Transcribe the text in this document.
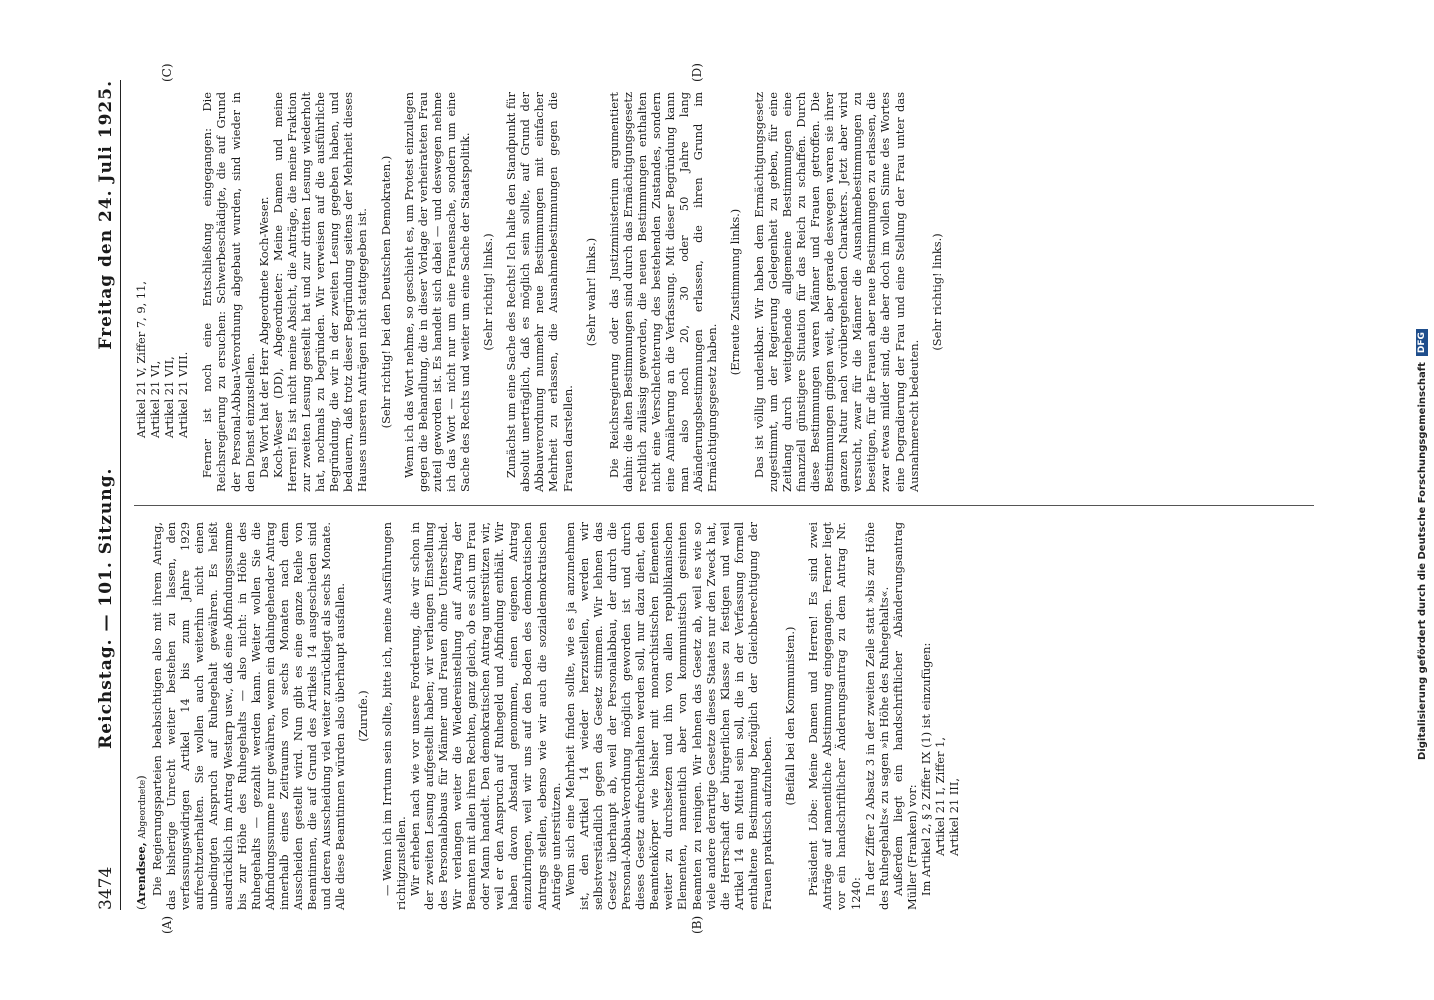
3474
Reichstag. — 101. Sitzung.
Freitag den 24. Juli 1925.
(A)	(B)
(C)	(D)

(Arendsee, Abgeordnete) Die Regierungsparteien beabsichtigen also mit ihrem Antrag, das bisherige Unrecht weiter bestehen zu lassen, den verfassungswidrigen Artikel 14 bis zum Jahre 1929 aufrechtzuerhalten. Sie wollen auch weiterhin nicht einen unbedingten Anspruch auf Ruhegehalt gewähren. Es heißt ausdrücklich im Antrag Westarp usw., daß eine Abfindungssumme bis zur Höhe des Ruhegehalts — also nicht: in Höhe des Ruhegehalts — gezahlt werden kann. Weiter wollen Sie die Abfindungssumme nur gewähren, wenn ein dahingehender Antrag innerhalb eines Zeitraums von sechs Monaten nach dem Ausscheiden gestellt wird. Nun gibt es eine ganze Reihe von Beamtinnen, die auf Grund des Artikels 14 ausgeschieden sind und deren Ausscheidung viel weiter zurückliegt als sechs Monate. Alle diese Beamtinnen würden also überhaupt ausfallen. (Zurufe.) — Wenn ich im Irrtum sein sollte, bitte ich, meine Ausführungen richtigzustellen. Wir erheben nach wie vor unsere Forderung, die wir schon in der zweiten Lesung aufgestellt haben; wir verlangen Einstellung des Personalabbaus für Männer und Frauen ohne Unterschied. Wir verlangen weiter die Wiedereinstellung auf Antrag der Beamten mit allen ihren Rechten, ganz gleich, ob es sich um Frau oder Mann handelt. Den demokratischen Antrag unterstützen wir, weil er den Anspruch auf Ruhegeld und Abfindung enthält. Wir haben davon Abstand genommen, einen eigenen Antrag einzubringen, weil wir uns auf den Boden des demokratischen Antrags stellen, ebenso wie wir auch die sozialdemokratischen Anträge unterstützen. Wenn sich eine Mehrheit finden sollte, wie es ja anzunehmen ist, den Artikel 14 wieder herzustellen, werden wir selbstverständlich gegen das Gesetz stimmen. Wir lehnen das Gesetz überhaupt ab, weil der Personalabbau, der durch die Personal-Abbau-Verordnung möglich geworden ist und durch dieses Gesetz aufrechterhalten werden soll, nur dazu dient, den Beamtenkörper wie bisher mit monarchistischen Elementen weiter zu durchsetzen und ihn von allen republikanischen Elementen, namentlich aber von kommunistisch gesinnten Beamten zu reinigen. Wir lehnen das Gesetz ab, weil es wie so viele andere derartige Gesetze dieses Staates nur den Zweck hat, die Herrschaft der bürgerlichen Klasse zu festigen und weil Artikel 14 ein Mittel sein soll, die in der Verfassung formell enthaltene Bestimmung bezüglich der Gleichberechtigung der Frauen praktisch aufzuheben.

(Beifall bei den Kommunisten.) Präsident Löbe: Meine Damen und Herren! Es sind zwei Anträge auf namentliche Abstimmung eingegangen. Ferner liegt vor ein handschriftlicher Änderungsantrag zu dem Antrag Nr. 1240: In der Ziffer 2 Absatz 3 in der zweiten Zeile statt »bis zur Höhe des Ruhegehalts« zu sagen »in Höhe des Ruhegehalts«. Außerdem liegt ein handschriftlicher Abänderungsantrag Müller (Franken) vor: Im Artikel 2, § 2 Ziffer IX (1) ist einzufügen: Artikel 21 I, Ziffer 1, Artikel 21 III,

Artikel 21 V, Ziffer 7, 9, 11, Artikel 21 VI, Artikel 21 VII, Artikel 21 VIII. Ferner ist noch eine Entschließung eingegangen: Die Reichsregierung zu ersuchen: Schwerbeschädigte, die auf Grund der Personal-Abbau-Verordnung abgebaut wurden, sind wieder in den Dienst einzustellen. Das Wort hat der Herr Abgeordnete Koch-Weser. Koch-Weser (DD), Abgeordneter: Meine Damen und meine Herren! Es ist nicht meine Absicht, die Anträge, die meine Fraktion zur zweiten Lesung gestellt hat und zur dritten Lesung wiederholt hat, nochmals zu begründen. Wir verweisen auf die ausführliche Begründung, die wir in der zweiten Lesung gegeben haben, und bedauern, daß trotz dieser Begründung seitens der Mehrheit dieses Hauses unseren Anträgen nicht stattgegeben ist. (Sehr richtig! bei den Deutschen Demokraten.) Wenn ich das Wort nehme, so geschieht es, um Protest einzulegen gegen die Behandlung, die in dieser Vorlage der verheirateten Frau zuteil geworden ist. Es handelt sich dabei — und deswegen nehme ich das Wort — nicht nur um eine Frauensache, sondern um eine Sache des Rechts und weiter um eine Sache der Staatspolitik. (Sehr richtig! links.) Zunächst um eine Sache des Rechts! Ich halte den Standpunkt für absolut unerträglich, daß es möglich sein sollte, auf Grund der Abbauverordnung nunmehr neue Bestimmungen mit einfacher Mehrheit zu erlassen, die Ausnahmebestimmungen gegen die Frauen darstellen.

(Sehr wahr! links.) Die Reichsregierung oder das Justizministerium argumentiert dahin: die alten Bestimmungen sind durch das Ermächtigungsgesetz rechtlich zulässig geworden, die neuen Bestimmungen enthalten nicht eine Verschlechterung des bestehenden Zustandes, sondern eine Annäherung an die Verfassung. Mit dieser Begründung kann man also noch 20, 30 oder 50 Jahre lang Abänderungsbestimmungen erlassen, die ihren Grund im Ermächtigungsgesetz haben.

(Erneute Zustimmung links.) Das ist völlig undenkbar. Wir haben dem Ermächtigungsgesetz zugestimmt, um der Regierung Gelegenheit zu geben, für eine Zeitlang durch weitgehende allgemeine Bestimmungen eine finanziell günstigere Situation für das Reich zu schaffen. Durch diese Bestimmungen waren Männer und Frauen getroffen. Die Bestimmungen gingen weit, aber gerade deswegen waren sie ihrer ganzen Natur nach vorübergehenden Charakters. Jetzt aber wird versucht, zwar für die Männer die Ausnahmebestimmungen zu beseitigen, für die Frauen aber neue Bestimmungen zu erlassen, die zwar etwas milder sind, die aber doch im vollen Sinne des Wortes eine Degradierung der Frau und eine Stellung der Frau unter das Ausnahmerecht bedeuten.

(Sehr richtig! links.)

Digitalisierung gefördert durch die Deutsche Forschungsgemeinschaft
DFG
